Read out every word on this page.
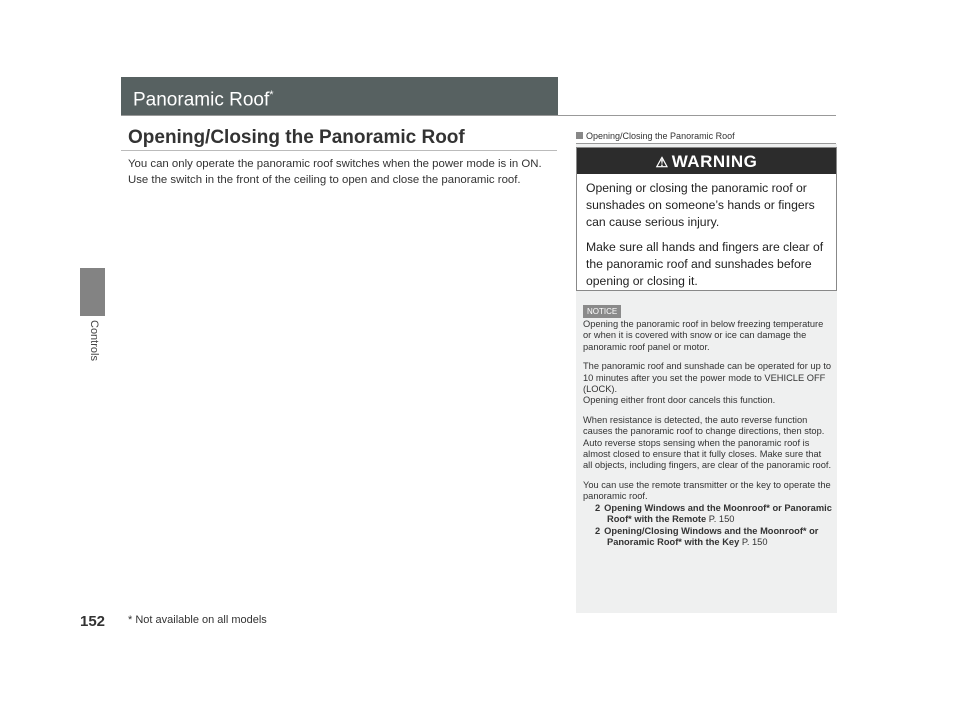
Controls
Panoramic Roof*
Opening/Closing the Panoramic Roof

You can only operate the panoramic roof switches when the power mode is in ON.

Use the switch in the front of the ceiling to open and close the panoramic roof.

Opening/Closing the Panoramic Roof
⚠ WARNING

Opening or closing the panoramic roof or sunshades on someone’s hands or fingers can cause serious injury.

Make sure all hands and fingers are clear of the panoramic roof and sunshades before opening or closing it.

NOTICE

Opening the panoramic roof in below freezing temperature or when it is covered with snow or ice can damage the panoramic roof panel or motor.

The panoramic roof and sunshade can be operated for up to 10 minutes after you set the power mode to VEHICLE OFF (LOCK).
Opening either front door cancels this function.

When resistance is detected, the auto reverse function causes the panoramic roof to change directions, then stop. Auto reverse stops sensing when the panoramic roof is almost closed to ensure that it fully closes. Make sure that all objects, including fingers, are clear of the panoramic roof.

You can use the remote transmitter or the key to operate the panoramic roof.

2 Opening Windows and the Moonroof* or Panoramic Roof* with the Remote P. 150
2 Opening/Closing Windows and the Moonroof* or Panoramic Roof* with the Key P. 150
152 * Not available on all models
